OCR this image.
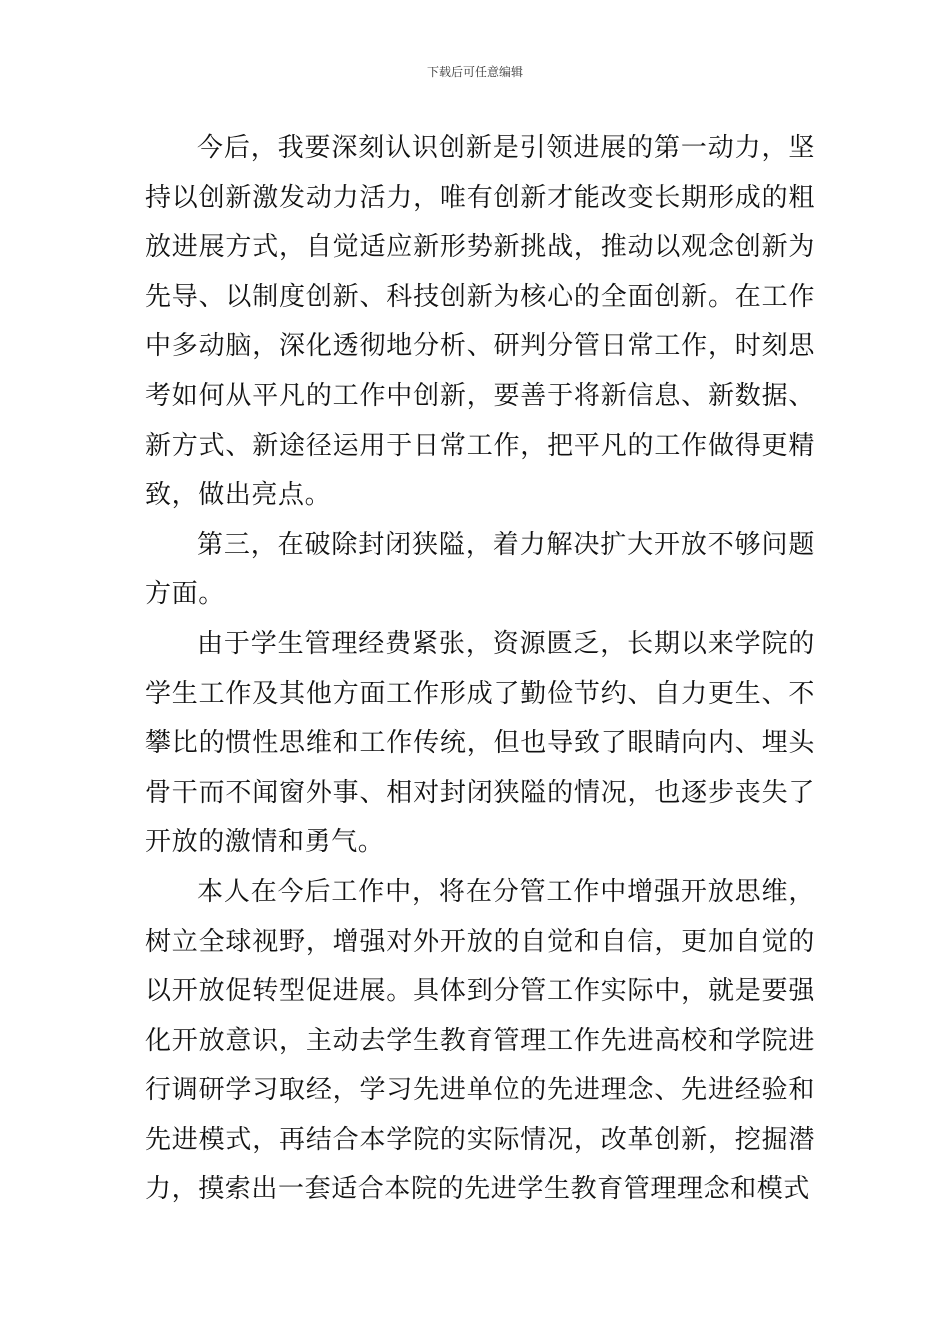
下载后可任意编辑

今后，我要深刻认识创新是引领进展的第一动力，坚持以创新激发动力活力，唯有创新才能改变长期形成的粗放进展方式，自觉适应新形势新挑战，推动以观念创新为先导、以制度创新、科技创新为核心的全面创新。在工作中多动脑，深化透彻地分析、研判分管日常工作，时刻思考如何从平凡的工作中创新，要善于将新信息、新数据、新方式、新途径运用于日常工作，把平凡的工作做得更精致，做出亮点。

第三，在破除封闭狭隘，着力解决扩大开放不够问题方面。

由于学生管理经费紧张，资源匮乏，长期以来学院的学生工作及其他方面工作形成了勤俭节约、自力更生、不攀比的惯性思维和工作传统，但也导致了眼睛向内、埋头骨干而不闻窗外事、相对封闭狭隘的情况，也逐步丧失了开放的激情和勇气。

本人在今后工作中，将在分管工作中增强开放思维，树立全球视野，增强对外开放的自觉和自信，更加自觉的以开放促转型促进展。具体到分管工作实际中，就是要强化开放意识，主动去学生教育管理工作先进高校和学院进行调研学习取经，学习先进单位的先进理念、先进经验和先进模式，再结合本学院的实际情况，改革创新，挖掘潜力，摸索出一套适合本院的先进学生教育管理理念和模式
